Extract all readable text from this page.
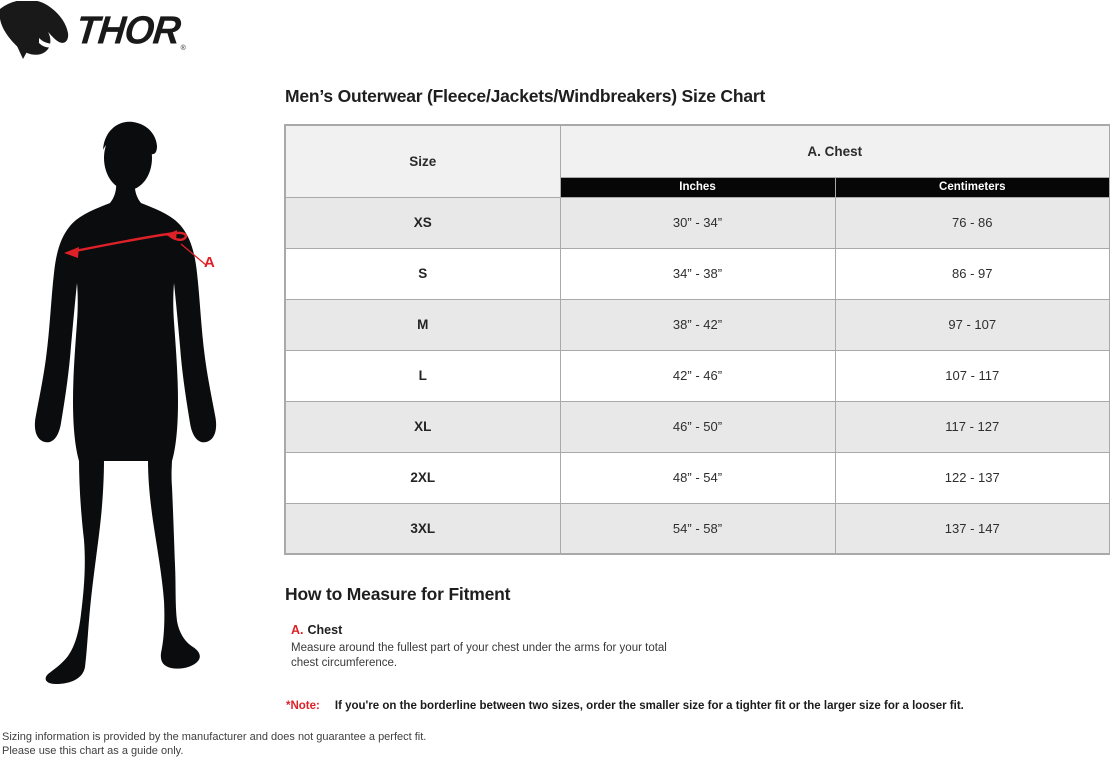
THOR
®
A
Men’s Outerwear (Fleece/Jackets/Windbreakers) Size Chart
Size	A. Chest	
	Inches	Centimeters
XS	30” - 34”	76 - 86
S	34” - 38”	86 - 97
M	38” - 42”	97 - 107
L	42” - 46”	107 - 117
XL	46” - 50”	117 - 127
2XL	48” - 54”	122 - 137
3XL	54” - 58”	137 - 147
How to Measure for Fitment
A. Chest
Measure around the fullest part of your chest under the arms for your total chest circumference.
*Note: If you're on the borderline between two sizes, order the smaller size for a tighter fit or the larger size for a looser fit.
Sizing information is provided by the manufacturer and does not guarantee a perfect fit.
Please use this chart as a guide only.
